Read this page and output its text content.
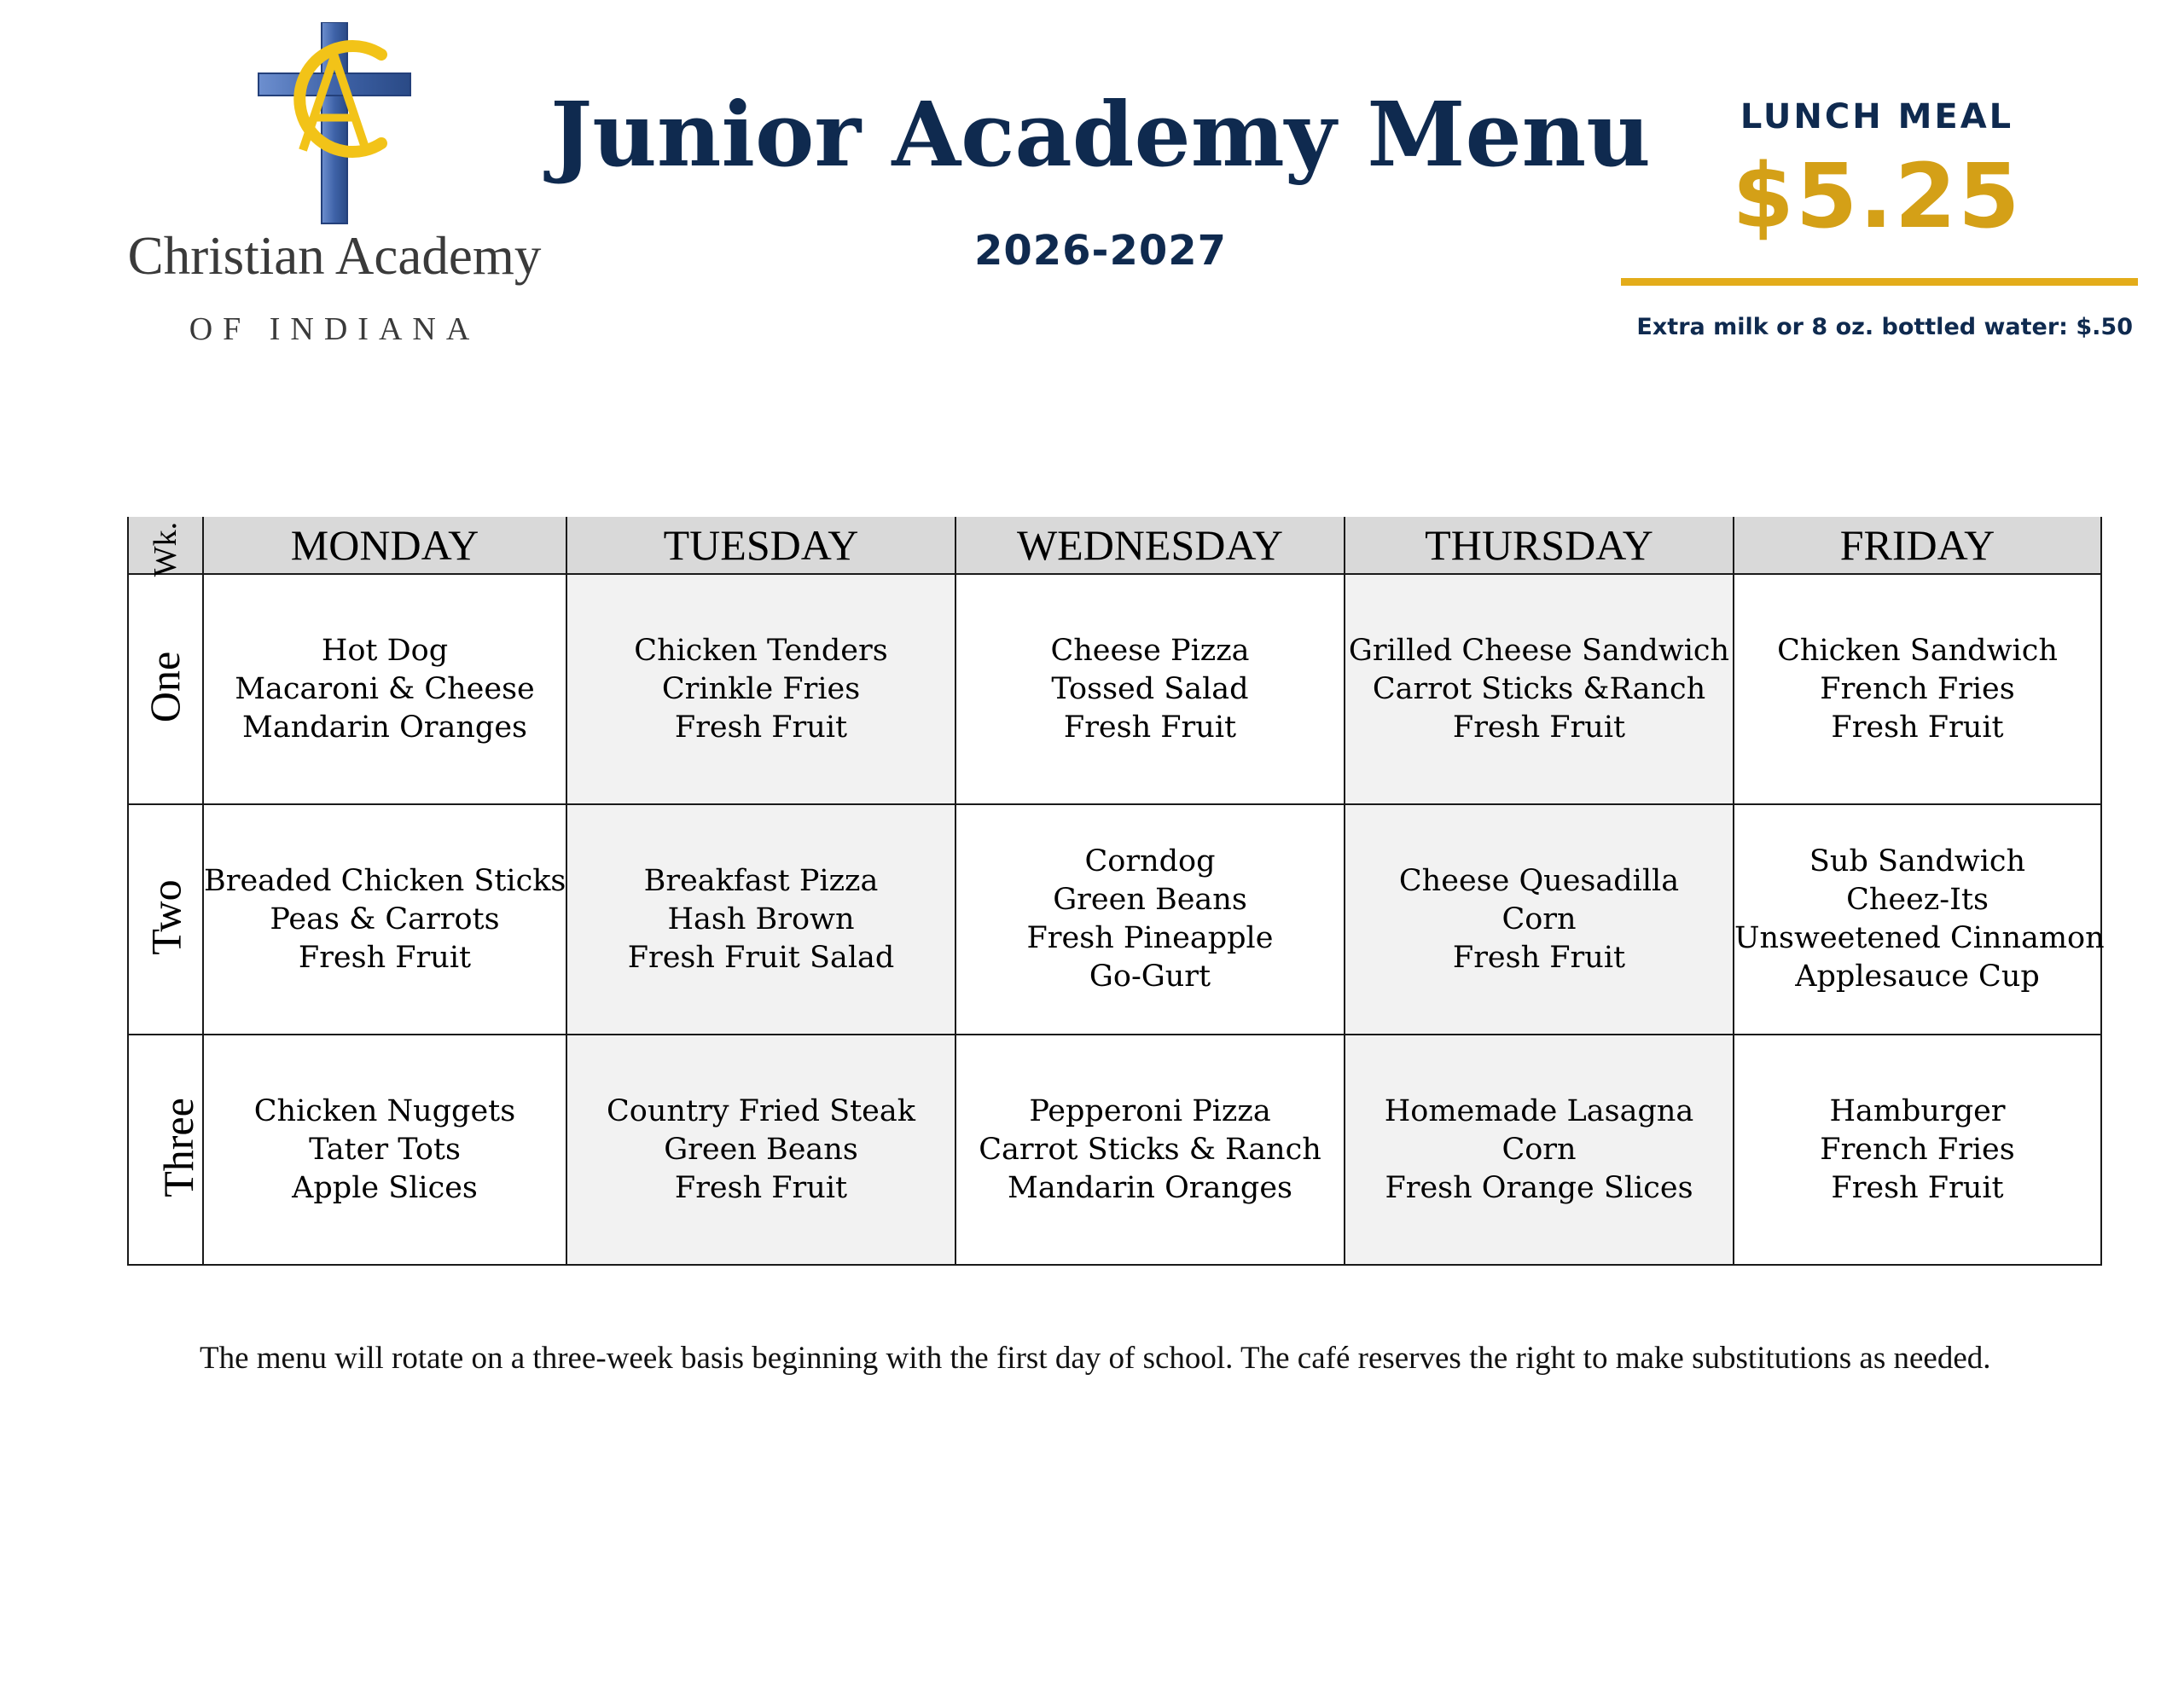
Christian Academy
OF INDIANA
Junior Academy Menu
2026-2027
LUNCH MEAL
$5.25
Extra milk or 8 oz. bottled water: $.50
Wk.	MONDAY	TUESDAY	WEDNESDAY	THURSDAY	FRIDAY
One	Hot Dog
Macaroni & Cheese
Mandarin Oranges	Chicken Tenders
Crinkle Fries
Fresh Fruit	Cheese Pizza
Tossed Salad
Fresh Fruit	Grilled Cheese Sandwich
Carrot Sticks &Ranch
Fresh Fruit	Chicken Sandwich
French Fries
Fresh Fruit

Two	Breaded Chicken Sticks
Peas & Carrots
Fresh Fruit	Breakfast Pizza
Hash Brown
Fresh Fruit Salad	Corndog
Green Beans
Fresh Pineapple
Go-Gurt	Cheese Quesadilla
Corn
Fresh Fruit	Sub Sandwich
Cheez-Its
Unsweetened Cinnamon
Applesauce Cup

Three	Chicken Nuggets
Tater Tots
Apple Slices	Country Fried Steak
Green Beans
Fresh Fruit	Pepperoni Pizza
Carrot Sticks & Ranch
Mandarin Oranges	Homemade Lasagna
Corn
Fresh Orange Slices	Hamburger
French Fries
Fresh Fruit
The menu will rotate on a three-week basis beginning with the first day of school. The café reserves the right to make substitutions as needed.
